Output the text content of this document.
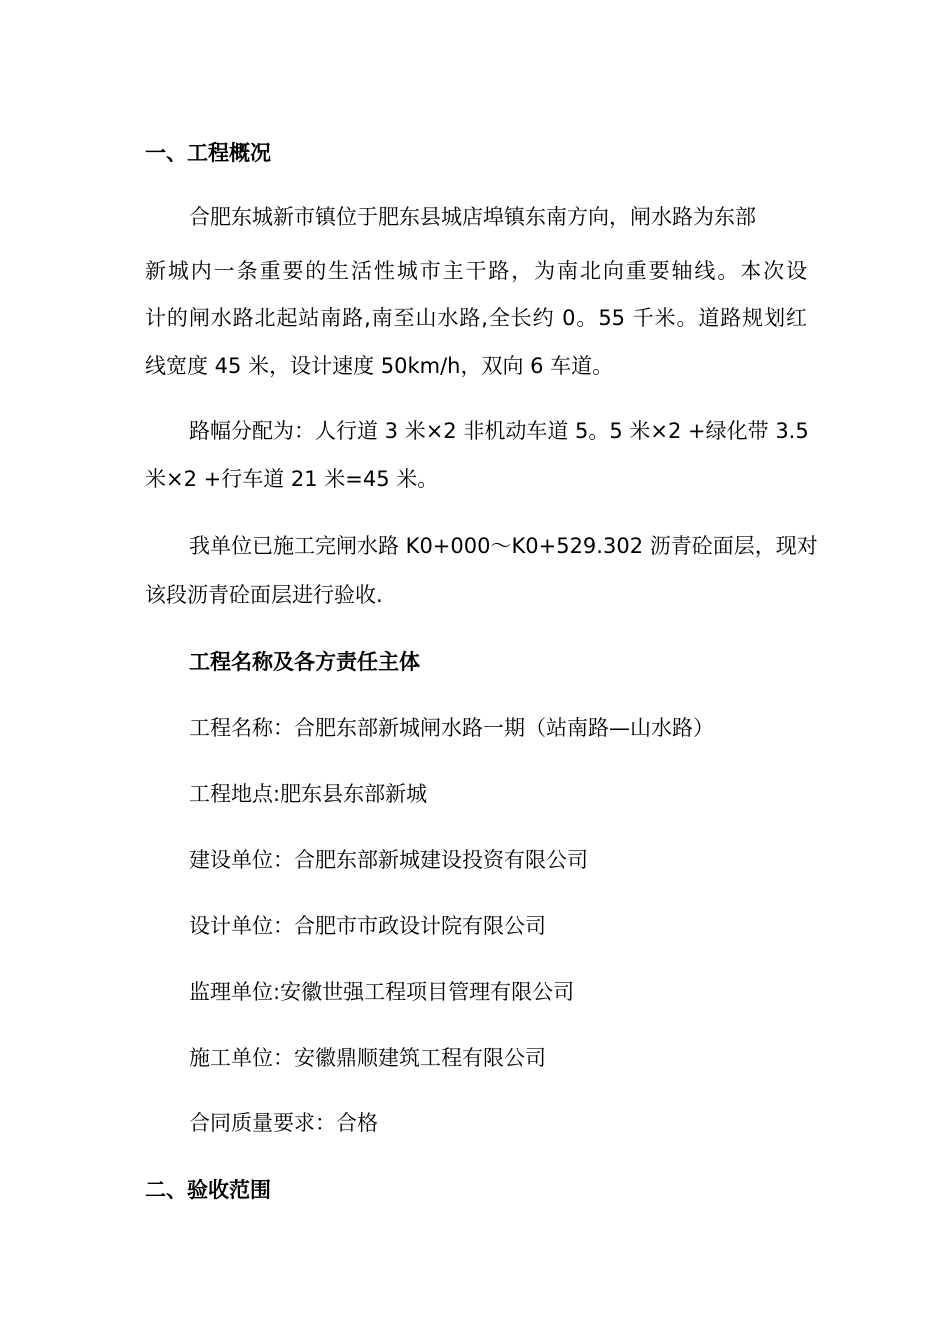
一、工程概况
合肥东城新市镇位于肥东县城店埠镇东南方向，闸水路为东部
新城内一条重要的生活性城市主干路，为南北向重要轴线。本次设
计的闸水路北起站南路,南至山水路,全长约 0。55 千米。道路规划红
线宽度 45 米，设计速度 50km/h，双向 6 车道。
路幅分配为：人行道 3 米×2 非机动车道 5。5 米×2 +绿化带 3.5
米×2 +行车道 21 米=45 米。
我单位已施工完闸水路 K0+000～K0+529.302 沥青砼面层，现对
该段沥青砼面层进行验收.
工程名称及各方责任主体
工程名称：合肥东部新城闸水路一期（站南路—山水路）
工程地点:肥东县东部新城
建设单位：合肥东部新城建设投资有限公司
设计单位：合肥市市政设计院有限公司
监理单位:安徽世强工程项目管理有限公司
施工单位：安徽鼎顺建筑工程有限公司
合同质量要求：合格
二、验收范围
